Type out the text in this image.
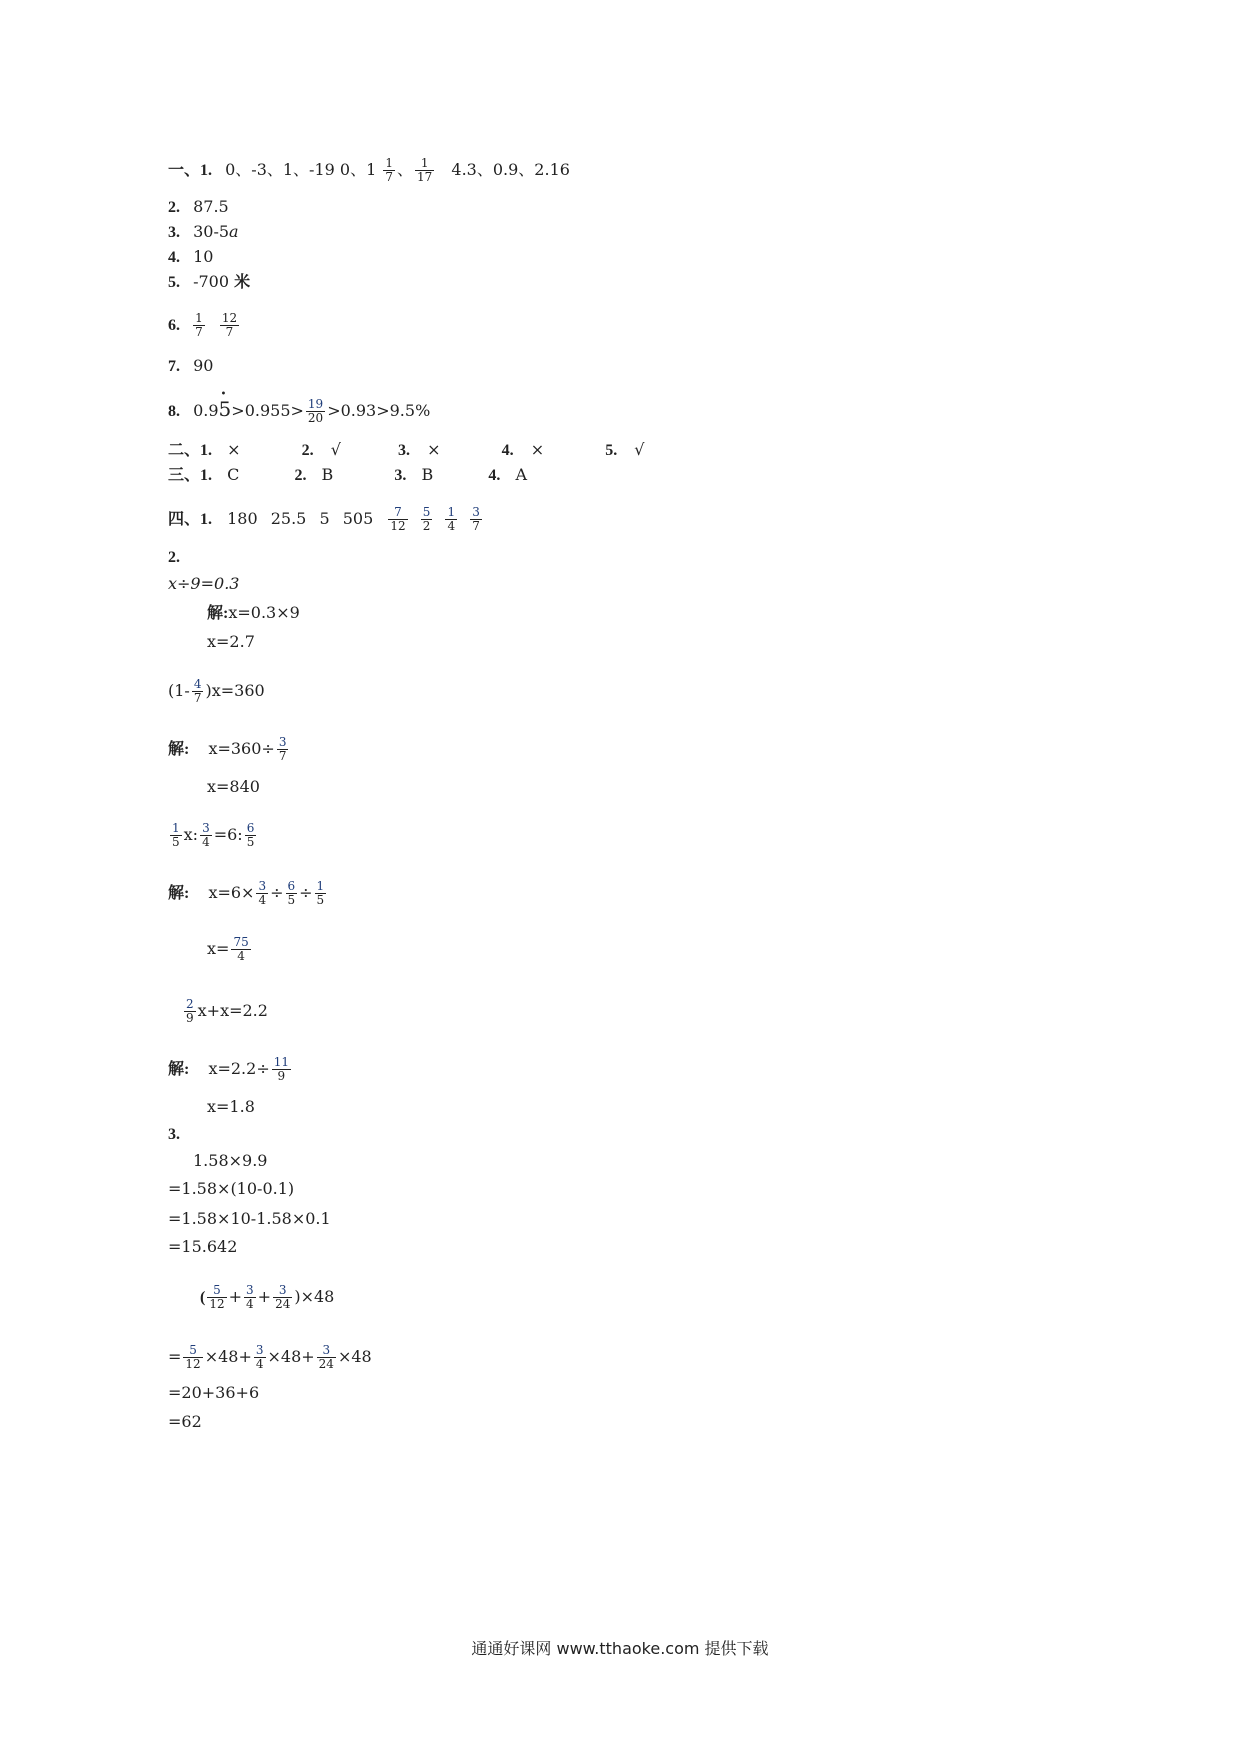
一、1. 0、-3、1、-19 0、$1 \frac{1}{7}$ 、 $\frac{1}{17} 4.3$、0.9、2.16
2. 87.5
3. 30-5a
4. 10
5. -700 米
6. $\frac{1}{7}$
$\frac{12}{7}$
7. 90
8. 0.9• $5>0.955> \frac{19}{20} >0.93>9.5\%$
二、1. ×	2. √	3. ×	4. ×	5. √
三、1. C	2. B	3. B	4. A
四、1. 180 25.5 5 $505 \frac{7}{12}$
$\frac{5}{2}$
$\frac{1}{4}$
$\frac{3}{7}$
2.
x÷9=0.3
解:x=0.3×9
x=2.7
$(1- \frac{4}{7} )x=360$
解: $x=360\div \frac{3}{7}$
x=840
$\frac{1}{5} x$: $\frac{3}{4} =6$: $\frac{6}{5}$
解: $x=6\times \frac{3}{4} \div \frac{6}{5} \div \frac{1}{5}$
$x= \frac{75}{4}$
$\frac{2}{9} x+x=2.2$
解: $x=2.2\div \frac{11}{9}$
x=1.8
3.
1.58×9.9
=1.58×(10-0.1)
=1.58×10-1.58×0.1
=15.642
( $\frac{5}{12} + \frac{3}{4} + \frac{3}{24} )\times 48$
= $\frac{5}{12} \times 48+ \frac{3}{4} \times 48+ \frac{3}{24} \times 48$
=20+36+6
=62
通通好课网 www.tthaoke.com 提供下载
